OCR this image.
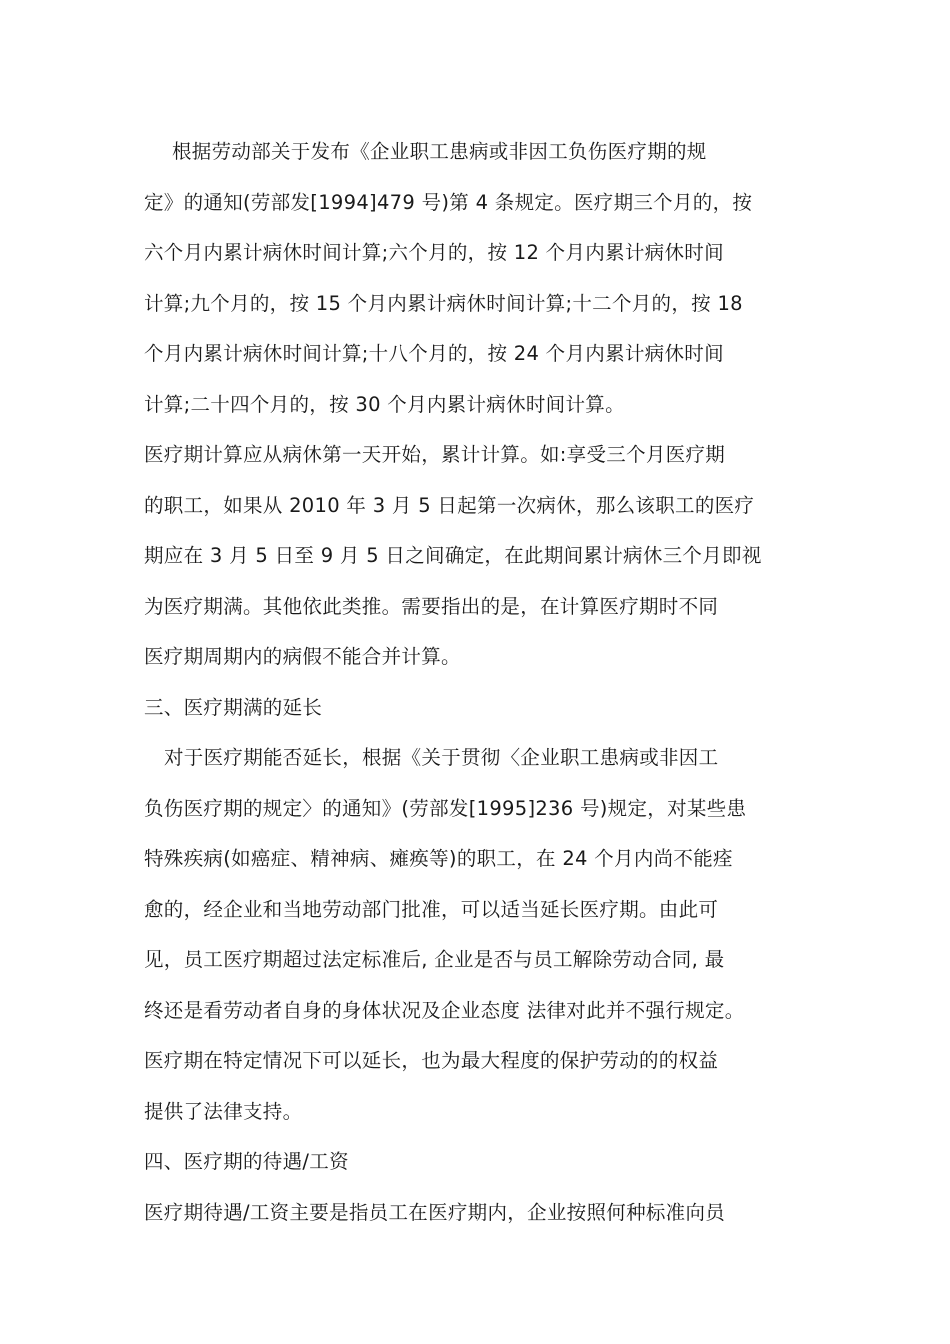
根据劳动部关于发布《企业职工患病或非因工负伤医疗期的规
定》的通知(劳部发[1994]479 号)第 4 条规定。医疗期三个月的，按
六个月内累计病休时间计算;六个月的，按 12 个月内累计病休时间
计算;九个月的，按 15 个月内累计病休时间计算;十二个月的，按 18
个月内累计病休时间计算;十八个月的，按 24 个月内累计病休时间
计算;二十四个月的，按 30 个月内累计病休时间计算。
医疗期计算应从病休第一天开始，累计计算。如:享受三个月医疗期
的职工，如果从 2010 年 3 月 5 日起第一次病休，那么该职工的医疗
期应在 3 月 5 日至 9 月 5 日之间确定，在此期间累计病休三个月即视
为医疗期满。其他依此类推。需要指出的是，在计算医疗期时不同
医疗期周期内的病假不能合并计算。
三、医疗期满的延长
对于医疗期能否延长，根据《关于贯彻〈企业职工患病或非因工
负伤医疗期的规定〉的通知》(劳部发[1995]236 号)规定，对某些患
特殊疾病(如癌症、精神病、瘫痪等)的职工，在 24 个月内尚不能痊
愈的，经企业和当地劳动部门批准，可以适当延长医疗期。由此可
见，员工医疗期超过法定标准后, 企业是否与员工解除劳动合同, 最
终还是看劳动者自身的身体状况及企业态度 法律对此并不强行规定。
医疗期在特定情况下可以延长，也为最大程度的保护劳动的的权益
提供了法律支持。
四、医疗期的待遇/工资
医疗期待遇/工资主要是指员工在医疗期内，企业按照何种标准向员
